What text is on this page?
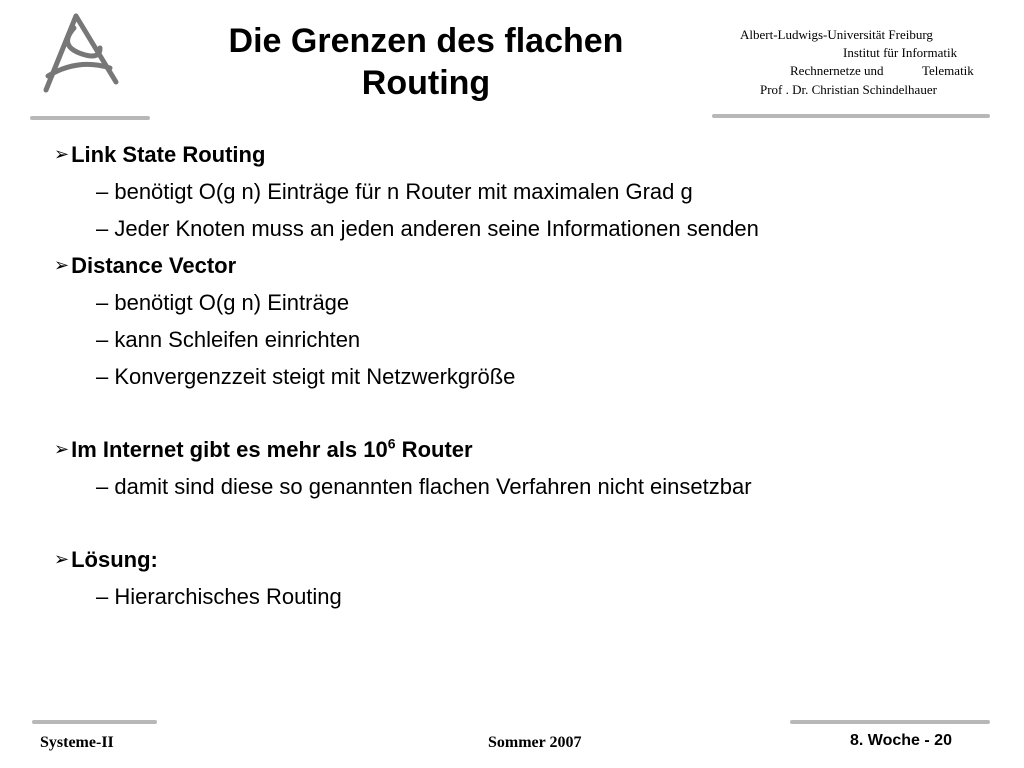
Die Grenzen des flachen
Routing
Albert-Ludwigs-Universität Freiburg
Institut für Informatik
Rechnernetze und	Telematik
Prof . Dr. Christian Schindelhauer
➢ Link State Routing
– benötigt O(g n) Einträge für n Router mit maximalen Grad g
– Jeder Knoten muss an jeden anderen seine Informationen senden
➢ Distance Vector
– benötigt O(g n) Einträge
– kann Schleifen einrichten
– Konvergenzzeit steigt mit Netzwerkgröße
➢ Im Internet gibt es mehr als $10^6$ Router
– damit sind diese so genannten flachen Verfahren nicht einsetzbar
➢ Lösung:
– Hierarchisches Routing
Systeme-II	Sommer 2007	8. Woche - 20
